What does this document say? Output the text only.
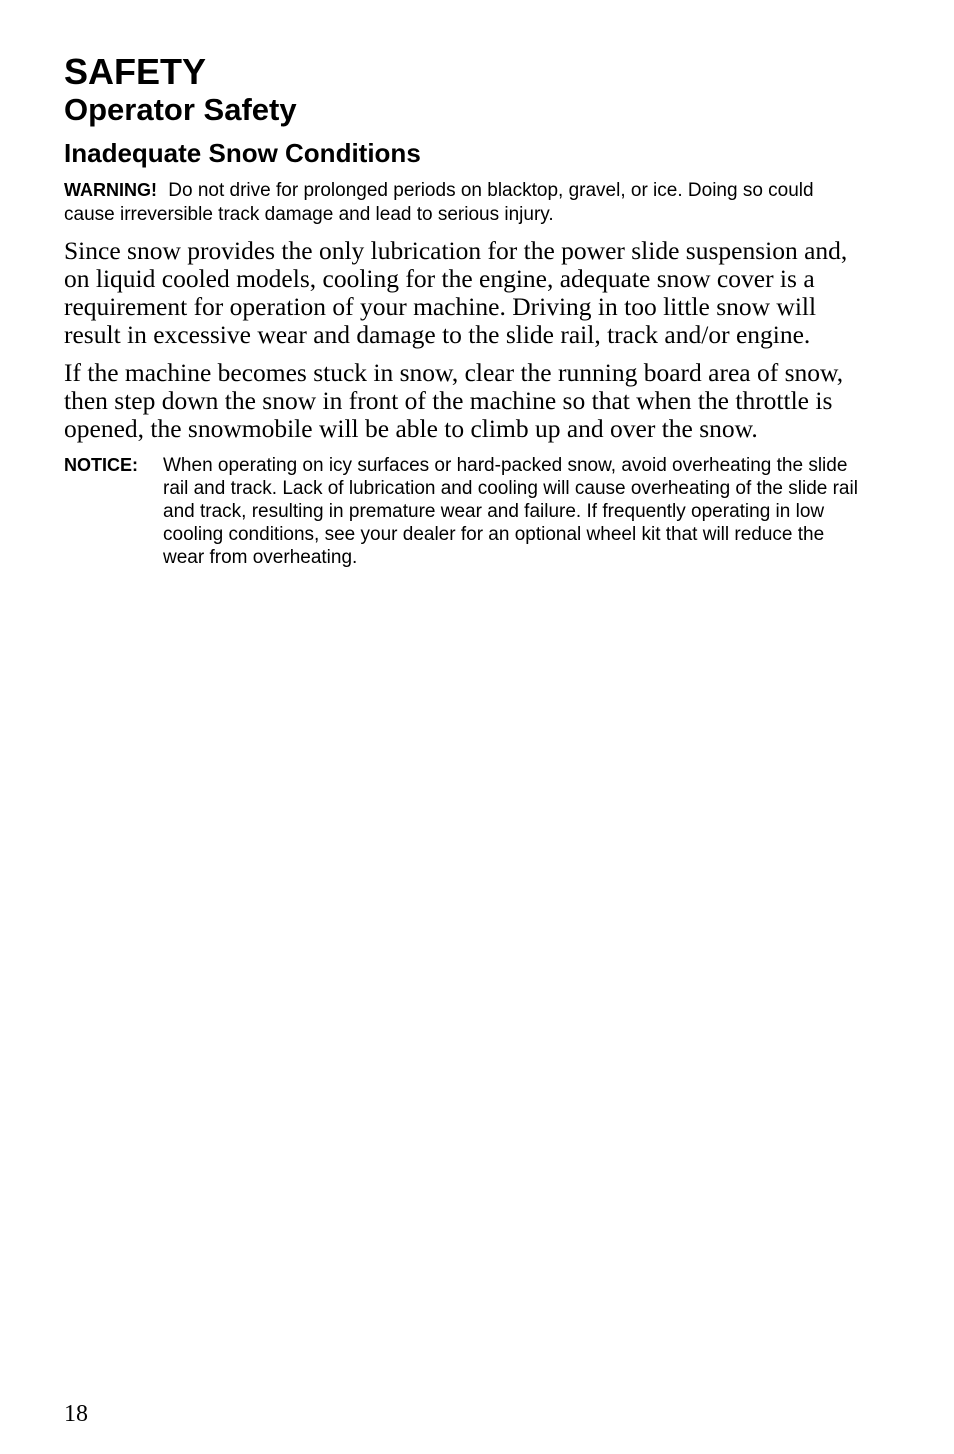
SAFETY
Operator Safety
Inadequate Snow Conditions

WARNING! Do not drive for prolonged periods on blacktop, gravel, or ice. Doing so could cause irreversible track damage and lead to serious injury.

Since snow provides the only lubrication for the power slide suspension and, on liquid cooled models, cooling for the engine, adequate snow cover is a requirement for operation of your machine. Driving in too little snow will result in excessive wear and damage to the slide rail, track and/or engine.

If the machine becomes stuck in snow, clear the running board area of snow, then step down the snow in front of the machine so that when the throttle is opened, the snowmobile will be able to climb up and over the snow.

NOTICE:	When operating on icy surfaces or hard-packed snow, avoid overheating the slide rail and track. Lack of lubrication and cooling will cause overheating of the slide rail and track, resulting in premature wear and failure. If frequently operating in low cooling conditions, see your dealer for an optional wheel kit that will reduce the wear from overheating.
18
